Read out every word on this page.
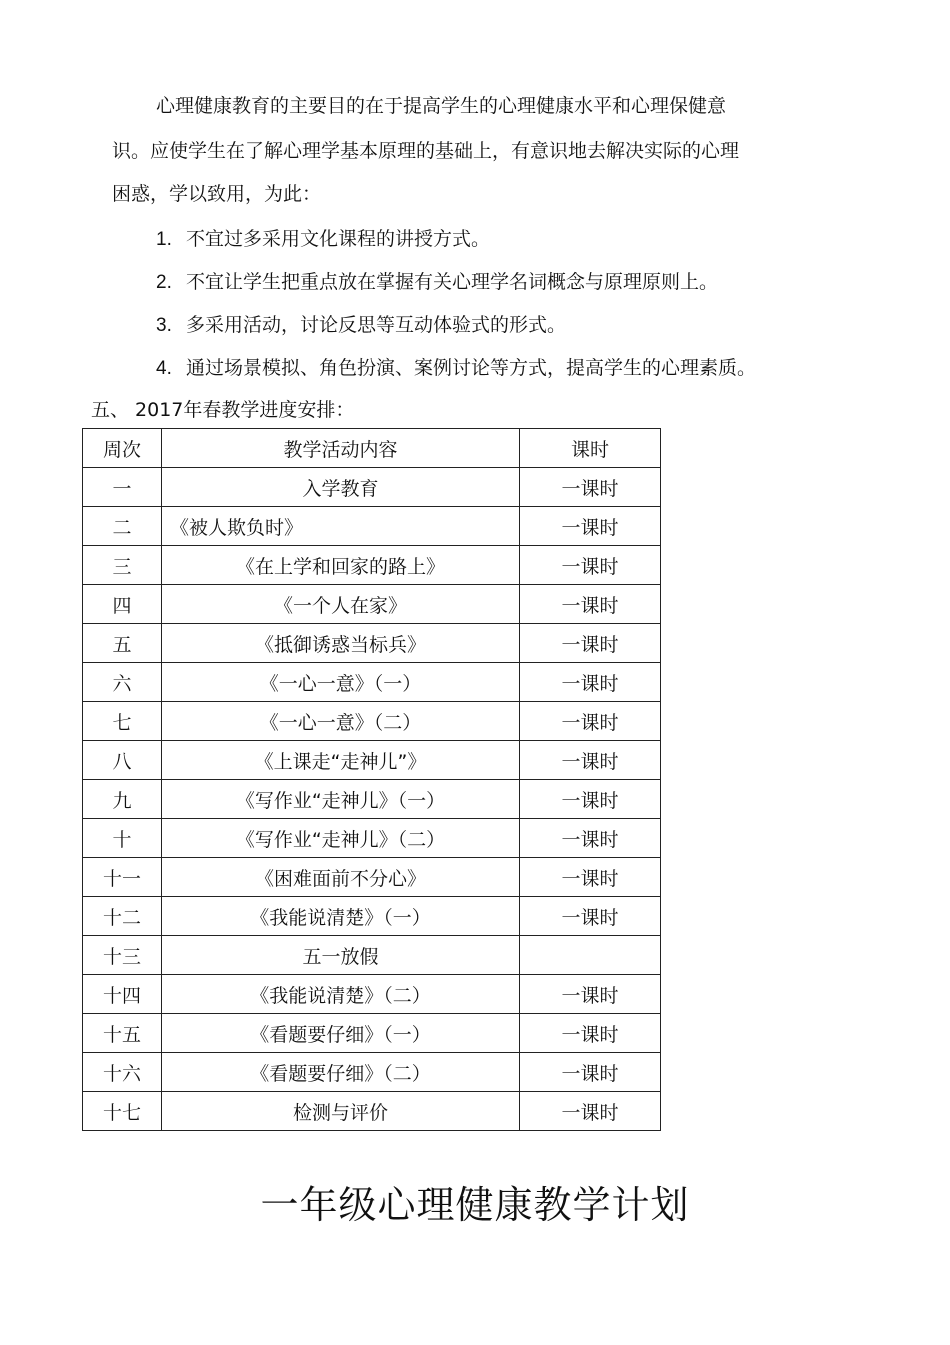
心理健康教育的主要目的在于提高学生的心理健康水平和心理保健意
识。应使学生在了解心理学基本原理的基础上，有意识地去解决实际的心理
困惑，学以致用，为此：
1. 不宜过多采用文化课程的讲授方式。
2. 不宜让学生把重点放在掌握有关心理学名词概念与原理原则上。
3. 多采用活动，讨论反思等互动体验式的形式。
4. 通过场景模拟、角色扮演、案例讨论等方式，提高学生的心理素质。
五、 2017年春教学进度安排：
周次	教学活动内容	课时
一	入学教育	一课时
二	《被人欺负时》	一课时
三	《在上学和回家的路上》	一课时
四	《一个人在家》	一课时
五	《抵御诱惑当标兵》	一课时
六	《一心一意》（一）	一课时
七	《一心一意》（二）	一课时
八	《上课走“走神儿”》	一课时
九	《写作业“走神儿》（一）	一课时
十	《写作业“走神儿》（二）	一课时
十一	《困难面前不分心》	一课时
十二	《我能说清楚》（一）	一课时
十三	五一放假	
十四	《我能说清楚》（二）	一课时
十五	《看题要仔细》（一）	一课时
十六	《看题要仔细》（二）	一课时
十七	检测与评价	一课时
一年级心理健康教学计划
